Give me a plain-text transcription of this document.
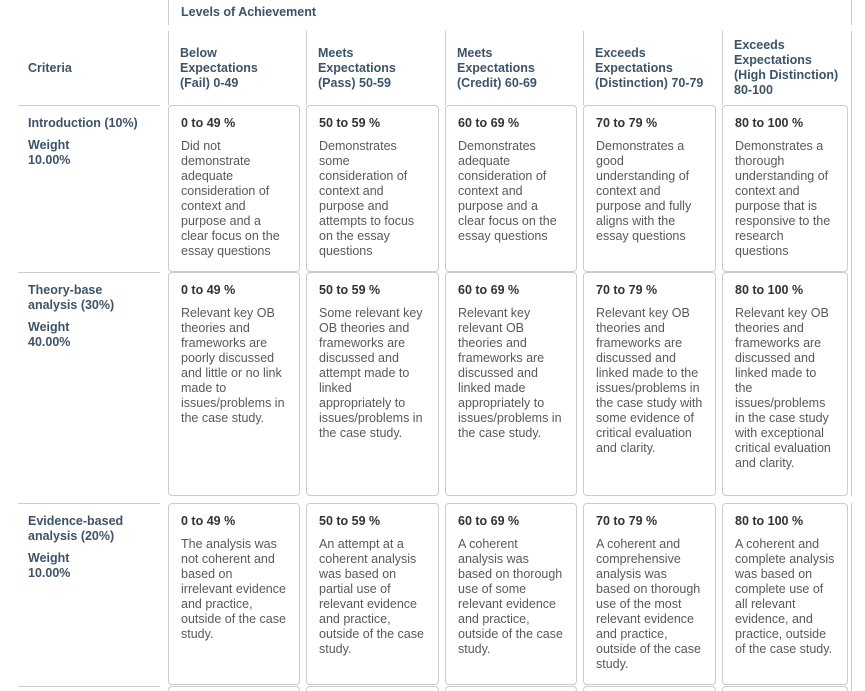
Levels of Achievement
Criteria
Below Expectations (Fail) 0-49
Meets Expectations (Pass) 50-59
Meets Expectations (Credit) 60-69
Exceeds Expectations (Distinction) 70-79
Exceeds Expectations (High Distinction) 80-100
Introduction (10%)
Weight
10.00%
0 to 49 %
Did not demonstrate adequate consideration of context and purpose and a clear focus on the essay questions
50 to 59 %
Demonstrates some consideration of context and purpose and attempts to focus on the essay questions
60 to 69 %
Demonstrates adequate consideration of context and purpose and a clear focus on the essay questions
70 to 79 %
Demonstrates a good understanding of context and purpose and fully aligns with the essay questions
80 to 100 %
Demonstrates a thorough understanding of context and purpose that is responsive to the research questions
Theory-base analysis (30%)
Weight
40.00%
0 to 49 %
Relevant key OB theories and frameworks are poorly discussed and little or no link made to issues/problems in the case study.
50 to 59 %
Some relevant key OB theories and frameworks are discussed and attempt made to linked appropriately to issues/problems in the case study.
60 to 69 %
Relevant key relevant OB theories and frameworks are discussed and linked made appropriately to issues/problems in the case study.
70 to 79 %
Relevant key OB theories and frameworks are discussed and linked made to the issues/problems in the case study with some evidence of critical evaluation and clarity.
80 to 100 %
Relevant key OB theories and frameworks are discussed and linked made to the issues/problems in the case study with exceptional critical evaluation and clarity.
Evidence-based analysis (20%)
Weight
10.00%
0 to 49 %
The analysis was not coherent and based on irrelevant evidence and practice, outside of the case study.
50 to 59 %
An attempt at a coherent analysis was based on partial use of relevant evidence and practice, outside of the case study.
60 to 69 %
A coherent analysis was based on thorough use of some relevant evidence and practice, outside of the case study.
70 to 79 %
A coherent and comprehensive analysis was based on thorough use of the most relevant evidence and practice, outside of the case study.
80 to 100 %
A coherent and complete analysis was based on complete use of all relevant evidence, and practice, outside of the case study.
